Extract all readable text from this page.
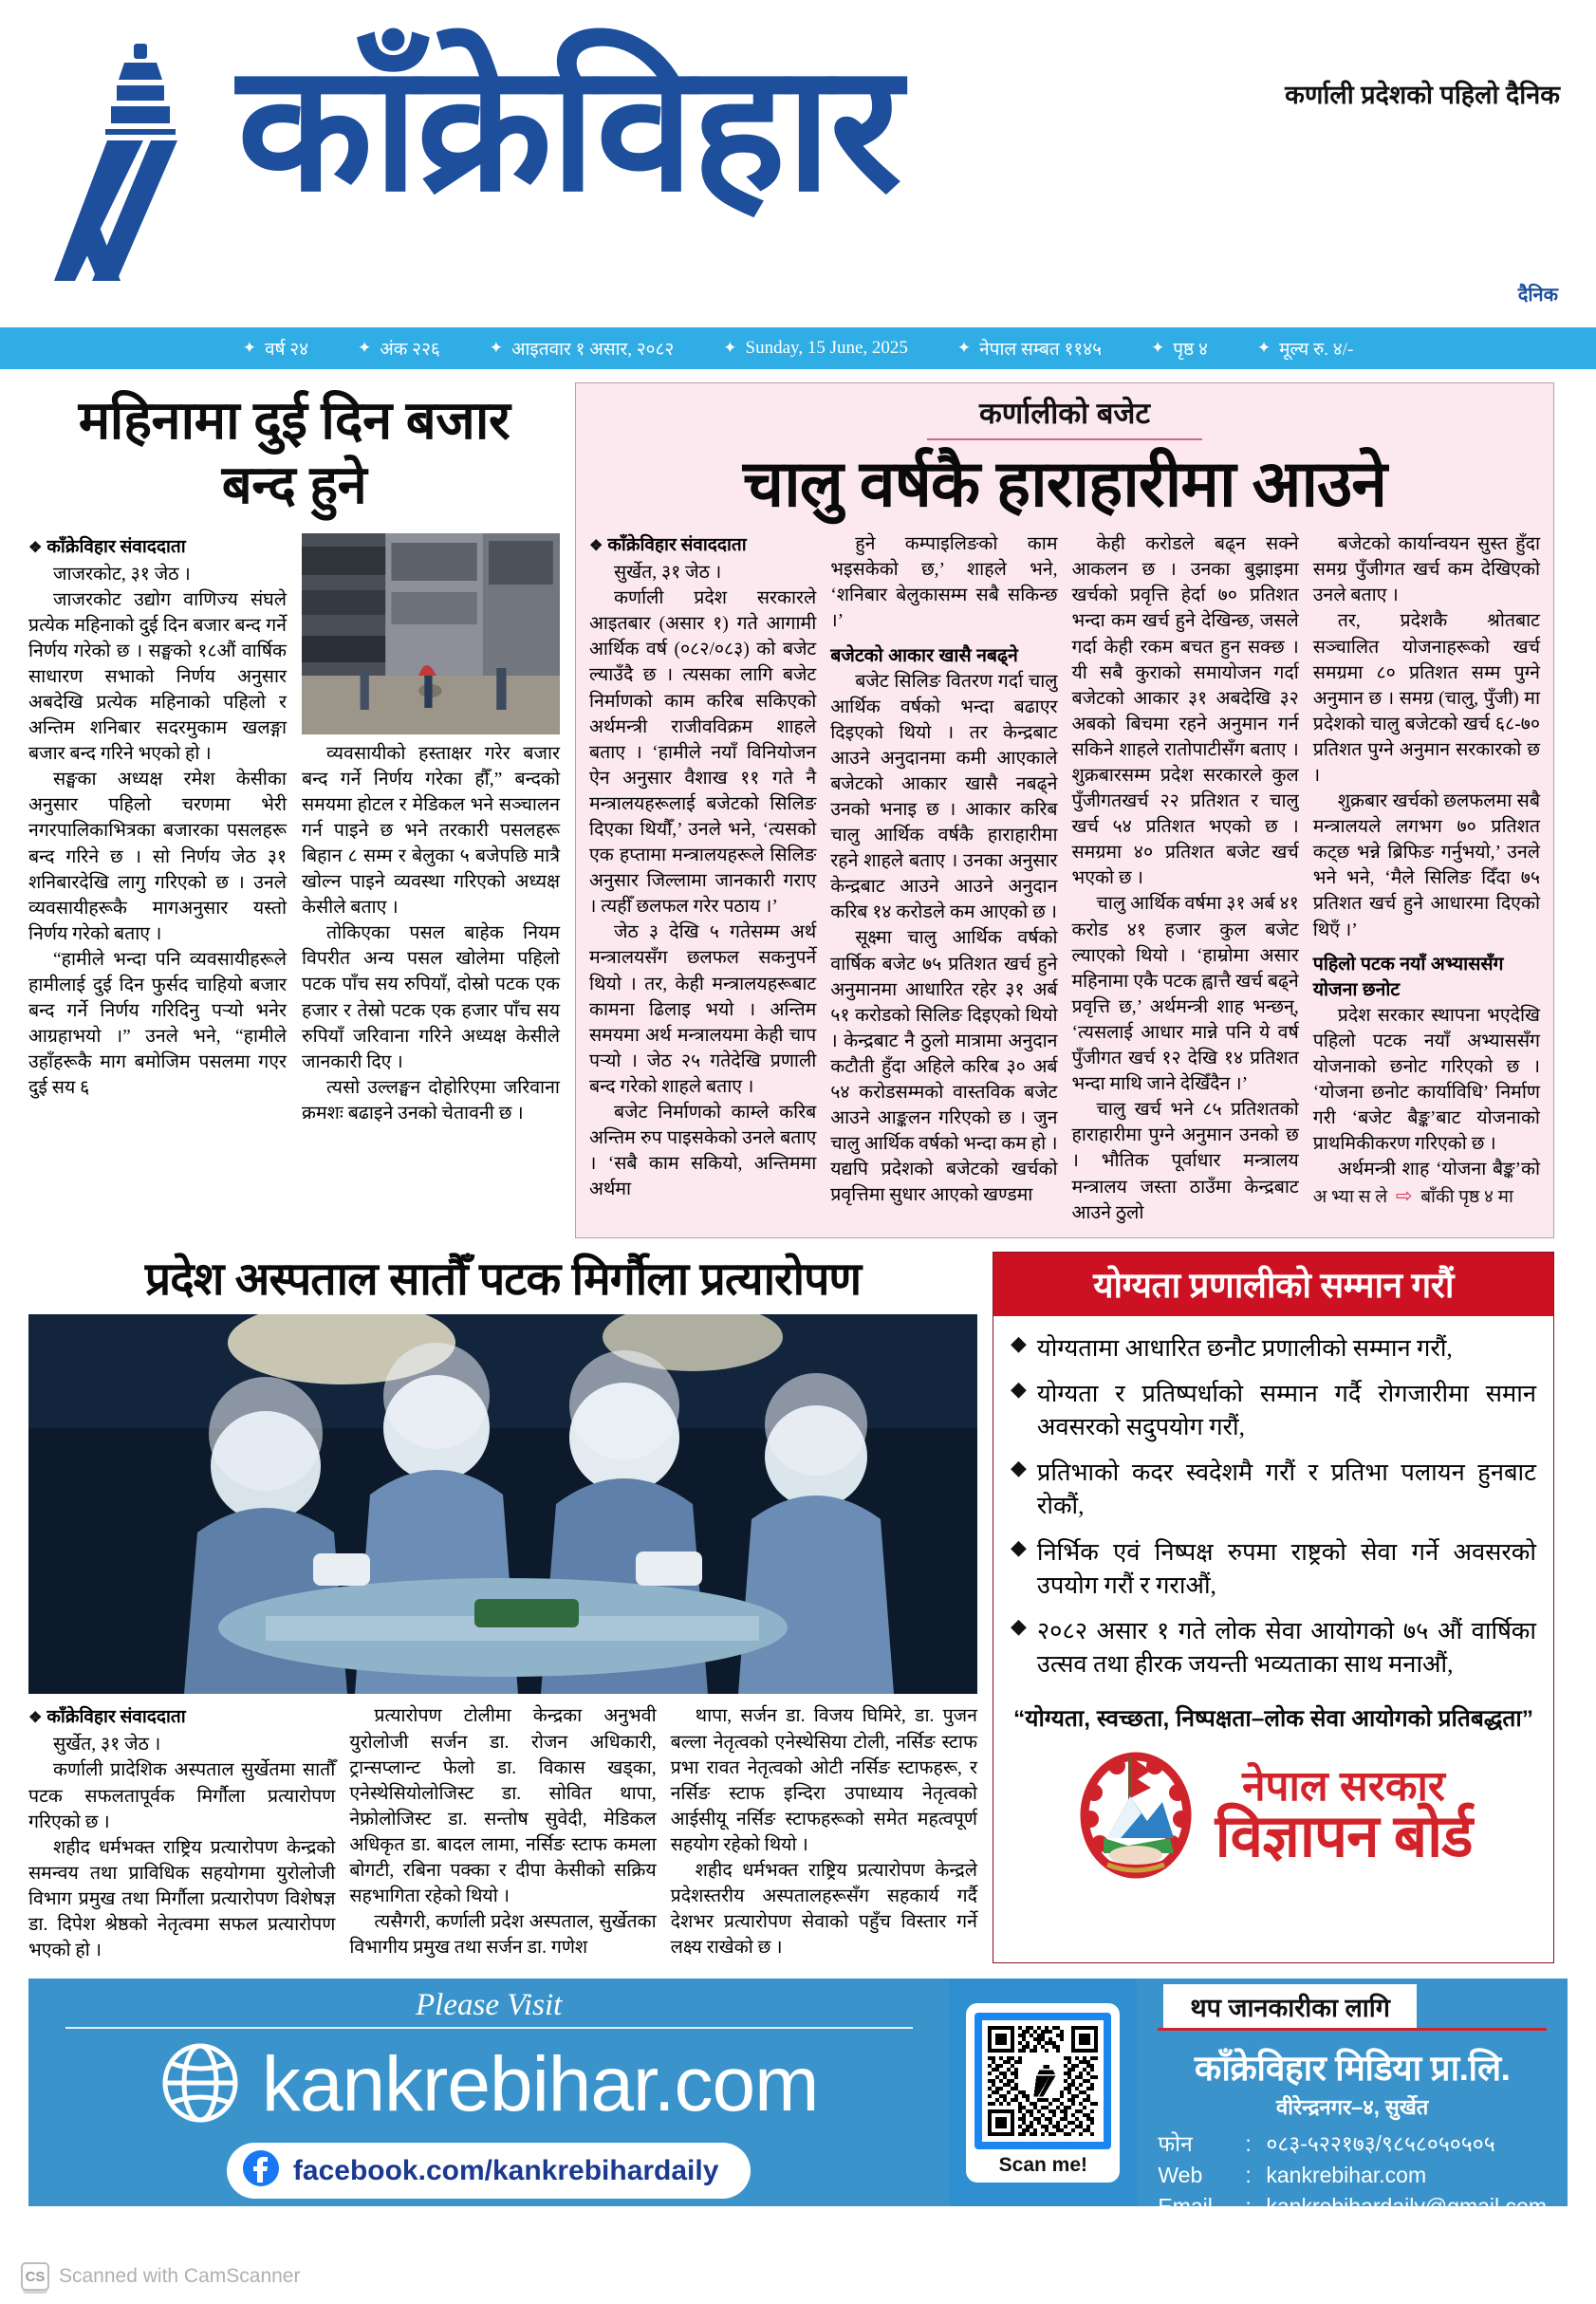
काँक्रेविहार	कर्णाली प्रदेशको पहिलो दैनिक
दैनिक
✦ वर्ष २४	✦ अंक २२६	✦ आइतवार १ असार, २०८२	✦ Sunday, 15 June, 2025	✦ नेपाल सम्बत ११४५	✦ पृष्ठ ४	✦ मूल्य रु. ४/-
महिनामा दुई दिन बजार बन्द हुने
❖ काँक्रेविहार संवाददाता
जाजरकोट, ३१ जेठ ।

जाजरकोट उद्योग वाणिज्य संघले प्रत्येक महिनाको दुई दिन बजार बन्द गर्ने निर्णय गरेको छ । सङ्घको १८औं वार्षिक साधारण सभाको निर्णय अनुसार अबदेखि प्रत्येक महिनाको पहिलो र अन्तिम शनिबार सदरमुकाम खलङ्गा बजार बन्द गरिने भएको हो ।

सङ्घका अध्यक्ष रमेश केसीका अनुसार पहिलो चरणमा भेरी नगरपालिकाभित्रका बजारका पसलहरू बन्द गरिने छ । सो निर्णय जेठ ३१ शनिबारदेखि लागु गरिएको छ । उनले व्यवसायीहरूकै मागअनुसार यस्तो निर्णय गरेको बताए ।

“हामीले भन्दा पनि व्यवसायीहरूले हामीलाई दुई दिन फुर्सद चाहियो बजार बन्द गर्ने निर्णय गरिदिनु पऱ्यो भनेर आग्रहाभयो ।” उनले भने, “हामीले उहाँहरूकै माग बमोजिम पसलमा गएर दुई सय ६

व्यवसायीको हस्ताक्षर गरेर बजार बन्द गर्ने निर्णय गरेका हौँ,” बन्दको समयमा होटल र मेडिकल भने सञ्चालन गर्न पाइने छ भने तरकारी पसलहरू बिहान ८ सम्म र बेलुका ५ बजेपछि मात्रै खोल्न पाइने व्यवस्था गरिएको अध्यक्ष केसीले बताए ।

तोकिएका पसल बाहेक नियम विपरीत अन्य पसल खोलेमा पहिलो पटक पाँच सय रुपियाँ, दोस्रो पटक एक हजार र तेस्रो पटक एक हजार पाँच सय रुपियाँ जरिवाना गरिने अध्यक्ष केसीले जानकारी दिए ।

त्यसो उल्लङ्घन दोहोरिएमा जरिवाना क्रमशः बढाइने उनको चेतावनी छ ।

कर्णालीको बजेट
चालु वर्षकै हाराहारीमा आउने
❖ काँक्रेविहार संवाददाता
सुर्खेत, ३१ जेठ ।

कर्णाली प्रदेश सरकारले आइतबार (असार १) गते आगामी आर्थिक वर्ष (०८२/०८३) को बजेट ल्याउँदै छ । त्यसका लागि बजेट निर्माणको काम करिब सकिएको अर्थमन्त्री राजीवविक्रम शाहले बताए । ‘हामीले नयाँ विनियोजन ऐन अनुसार वैशाख ११ गते नै मन्त्रालयहरूलाई बजेटको सिलिङ दिएका थियौँ,’ उनले भने, ‘त्यसको एक हप्तामा मन्त्रालयहरूले सिलिङ अनुसार जिल्लामा जानकारी गराए । त्यहीँ छलफल गरेर पठाय ।’

जेठ ३ देखि ५ गतेसम्म अर्थ मन्त्रालयसँग छलफल सकनुपर्ने थियो । तर, केही मन्त्रालयहरूबाट कामना ढिलाइ भयो । अन्तिम समयमा अर्थ मन्त्रालयमा केही चाप पऱ्यो । जेठ २५ गतेदेखि प्रणाली बन्द गरेको शाहले बताए ।

बजेट निर्माणको काम्ले करिब अन्तिम रुप पाइसकेको उनले बताए । ‘सबै काम सकियो, अन्तिममा अर्थमा

हुने कम्पाइलिङको काम भइसकेको छ,’ शाहले भने, ‘शनिबार बेलुकासम्म सबै सकिन्छ ।’

बजेटको आकार खासै नबढ्ने

बजेट सिलिङ वितरण गर्दा चालु आर्थिक वर्षको भन्दा बढाएर दिइएको थियो । तर केन्द्रबाट आउने अनुदानमा कमी आएकाले बजेटको आकार खासै नबढ्ने उनको भनाइ छ । आकार करिब चालु आर्थिक वर्षकै हाराहारीमा रहने शाहले बताए । उनका अनुसार केन्द्रबाट आउने आउने अनुदान करिब १४ करोडले कम आएको छ ।

सूक्ष्मा चालु आर्थिक वर्षको वार्षिक बजेट ७५ प्रतिशत खर्च हुने अनुमानमा आधारित रहेर ३१ अर्ब ५१ करोडको सिलिङ दिइएको थियो । केन्द्रबाट नै ठुलो मात्रामा अनुदान कटौती हुँदा अहिले करिब ३० अर्ब ५४ करोडसम्मको वास्तविक बजेट आउने आङ्कलन गरिएको छ । जुन चालु आर्थिक वर्षको भन्दा कम हो । यद्यपि प्रदेशको बजेटको खर्चको प्रवृत्तिमा सुधार आएको खण्डमा

केही करोडले बढ्न सक्ने आकलन छ । उनका बुझाइमा खर्चको प्रवृत्ति हेर्दा ७० प्रतिशत भन्दा कम खर्च हुने देखिन्छ, जसले गर्दा केही रकम बचत हुन सक्छ । यी सबै कुराको समायोजन गर्दा बजेटको आकार ३१ अबदेखि ३२ अबको बिचमा रहने अनुमान गर्न सकिने शाहले रातोपाटीसँग बताए । शुक्रबारसम्म प्रदेश सरकारले कुल पुँजीगतखर्च २२ प्रतिशत र चालु खर्च ५४ प्रतिशत भएको छ । समग्रमा ४० प्रतिशत बजेट खर्च भएको छ ।

चालु आर्थिक वर्षमा ३१ अर्ब ४१ करोड ४१ हजार कुल बजेट ल्याएको थियो । ‘हाम्रोमा असार महिनामा एकै पटक ह्वात्तै खर्च बढ्ने प्रवृत्ति छ,’ अर्थमन्त्री शाह भन्छन्, ‘त्यसलाई आधार मान्ने पनि ये वर्ष पुँजीगत खर्च १२ देखि १४ प्रतिशत भन्दा माथि जाने देखिँदैन ।’

चालु खर्च भने ८५ प्रतिशतको हाराहारीमा पुग्ने अनुमान उनको छ । भौतिक पूर्वाधार मन्त्रालय मन्त्रालय जस्ता ठाउँमा केन्द्रबाट आउने ठुलो

बजेटको कार्यान्वयन सुस्त हुँदा समग्र पुँजीगत खर्च कम देखिएको उनले बताए ।

तर, प्रदेशकै श्रोतबाट सञ्चालित योजनाहरूको खर्च समग्रमा ८० प्रतिशत सम्म पुग्ने अनुमान छ । समग्र (चालु, पुँजी) मा प्रदेशको चालु बजेटको खर्च ६८-७० प्रतिशत पुग्ने अनुमान सरकारको छ ।

शुक्रबार खर्चको छलफलमा सबै मन्त्रालयले लगभग ७० प्रतिशत कट्छ भन्ने ब्रिफिङ गर्नुभयो,’ उनले भने भने, ‘मैले सिलिङ दिँदा ७५ प्रतिशत खर्च हुने आधारमा दिएको थिएँ ।’

पहिलो पटक नयाँ अभ्याससँग योजना छनोट

प्रदेश सरकार स्थापना भएदेखि पहिलो पटक नयाँ अभ्याससँग योजनाको छनोट गरिएको छ । ‘योजना छनोट कार्याविधि’ निर्माण गरी ‘बजेट बैङ्क’बाट योजनाको प्राथमिकीकरण गरिएको छ ।

अर्थमन्त्री शाह ‘योजना बैङ्क’को अ भ्या स ले ⇨ बाँकी पृष्ठ ४ मा

प्रदेश अस्पताल सातौँ पटक मिर्गौला प्रत्यारोपण
❖ काँक्रेविहार संवाददाता
सुर्खेत, ३१ जेठ ।

कर्णाली प्रादेशिक अस्पताल सुर्खेतमा सातौँ पटक सफलतापूर्वक मिर्गौला प्रत्यारोपण गरिएको छ ।

शहीद धर्मभक्त राष्ट्रिय प्रत्यारोपण केन्द्रको समन्वय तथा प्राविधिक सहयोगमा युरोलोजी विभाग प्रमुख तथा मिर्गौला प्रत्यारोपण विशेषज्ञ डा. दिपेश श्रेष्ठको नेतृत्वमा सफल प्रत्यारोपण भएको हो ।

प्रत्यारोपण टोलीमा केन्द्रका अनुभवी युरोलोजी सर्जन डा. रोजन अधिकारी, ट्रान्सप्लान्ट फेलो डा. विकास खड्का, एनेस्थेसियोलोजिस्ट डा. सोवित थापा, नेफ्रोलोजिस्ट डा. सन्तोष सुवेदी, मेडिकल अधिकृत डा. बादल लामा, नर्सिङ स्टाफ कमला बोगटी, रबिना पक्का र दीपा केसीको सक्रिय सहभागिता रहेको थियो ।

त्यसैगरी, कर्णाली प्रदेश अस्पताल, सुर्खेतका विभागीय प्रमुख तथा सर्जन डा. गणेश

थापा, सर्जन डा. विजय घिमिरे, डा. पुजन बल्ला नेतृत्वको एनेस्थेसिया टोली, नर्सिङ स्टाफ प्रभा रावत नेतृत्वको ओटी नर्सिङ स्टाफहरू, र नर्सिङ स्टाफ इन्दिरा उपाध्याय नेतृत्वको आईसीयू नर्सिङ स्टाफहरूको समेत महत्वपूर्ण सहयोग रहेको थियो ।

शहीद धर्मभक्त राष्ट्रिय प्रत्यारोपण केन्द्रले प्रदेशस्तरीय अस्पतालहरूसँग सहकार्य गर्दै देशभर प्रत्यारोपण सेवाको पहुँच विस्तार गर्ने लक्ष्य राखेको छ ।

योग्यता प्रणालीको सम्मान गरौं
◆ योग्यतामा आधारित छनौट प्रणालीको सम्मान गरौं,
◆ योग्यता र प्रतिष्पर्धाको सम्मान गर्दै रोगजारीमा समान अवसरको सदुपयोग गरौं,
◆ प्रतिभाको कदर स्वदेशमै गरौं र प्रतिभा पलायन हुनबाट रोकौं,
◆ निर्भिक एवं निष्पक्ष रुपमा राष्ट्रको सेवा गर्ने अवसरको उपयोग गरौं र गराऔं,
◆ २०८२ असार १ गते लोक सेवा आयोगको ७५ औं वार्षिका उत्सव तथा हीरक जयन्ती भव्यताका साथ मनाऔं,
“योग्यता, स्वच्छता, निष्पक्षता–लोक सेवा आयोगको प्रतिबद्धता”
नेपाल सरकार
विज्ञापन बोर्ड
Please Visit
kankrebihar.com
facebook.com/kankrebihardaily	Scan me!
थप जानकारीका लागि
काँक्रेविहार मिडिया प्रा.लि.
वीरेन्द्रनगर–४, सुर्खेत
फोन	: ०८३-५२२१७३/९८५८०५०५०५
Web	: kankrebihar.com
Email	: kankrebihardaily@gmail.com
CS Scanned with CamScanner
